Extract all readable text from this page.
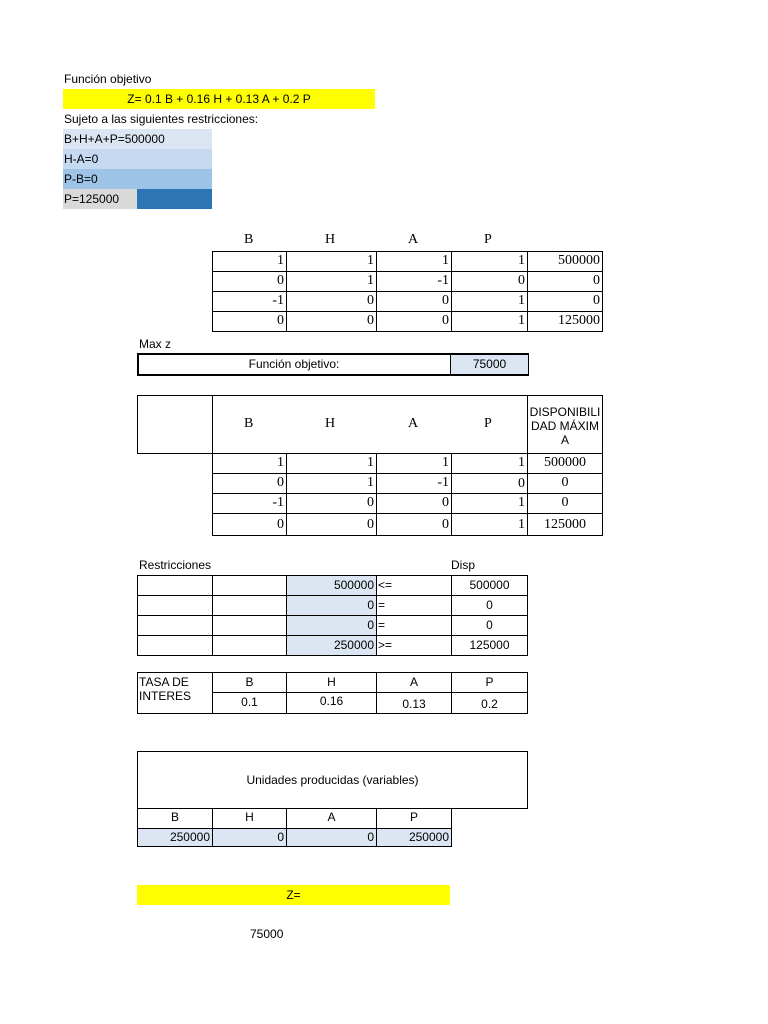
Función objetivo
Z= 0.1 B + 0.16 H + 0.13 A + 0.2 P
Sujeto a las siguientes restricciones:
B+H+A+P=500000
H-A=0
P-B=0
P=125000
B	H	A	P
1	1	1	1	500000
0	1	-1	0	0
-1	0	0	1	0
0	0	0	1	125000
Max z
Función objetivo:	75000
B	H	A	P
DISPONIBILI DAD MÁXIMA
1	1	1	1	500000
0	1	-1	0	0
-1	0	0	1	0
0	0	0	1	125000
Restricciones	Disp
500000 <=	500000
0 =	0
0 =	0
250000 >=	125000
TASA DE INTERES
B	H	A	P
0.1	0.16	0.13	0.2
Unidades producidas (variables)
B	H	A	P
250000	0	0	250000
Z=
75000
